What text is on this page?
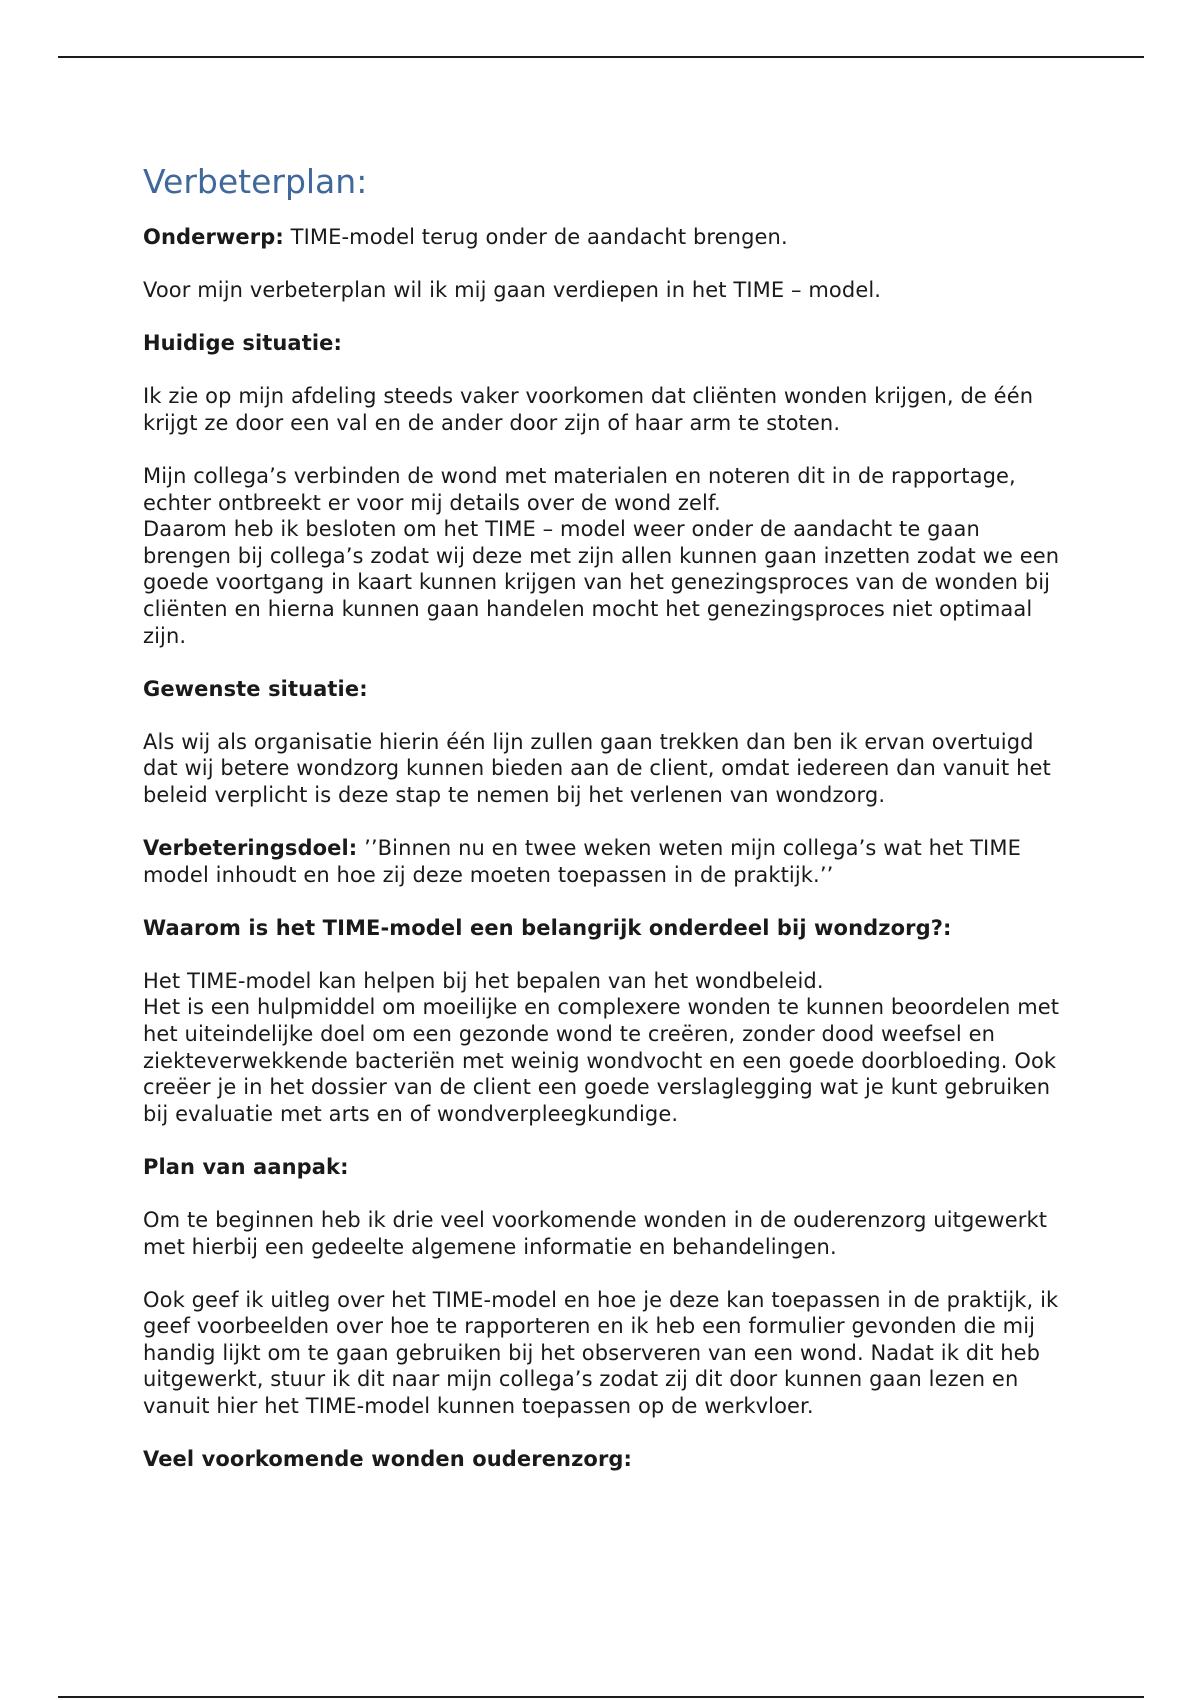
Verbeterplan:

Onderwerp: TIME-model terug onder de aandacht brengen.

Voor mijn verbeterplan wil ik mij gaan verdiepen in het TIME – model.

Huidige situatie:

Ik zie op mijn afdeling steeds vaker voorkomen dat cliënten wonden krijgen, de één krijgt ze door een val en de ander door zijn of haar arm te stoten.

Mijn collega’s verbinden de wond met materialen en noteren dit in de rapportage, echter ontbreekt er voor mij details over de wond zelf.

Daarom heb ik besloten om het TIME – model weer onder de aandacht te gaan brengen bij collega’s zodat wij deze met zijn allen kunnen gaan inzetten zodat we een goede voortgang in kaart kunnen krijgen van het genezingsproces van de wonden bij cliënten en hierna kunnen gaan handelen mocht het genezingsproces niet optimaal zijn.

Gewenste situatie:

Als wij als organisatie hierin één lijn zullen gaan trekken dan ben ik ervan overtuigd dat wij betere wondzorg kunnen bieden aan de client, omdat iedereen dan vanuit het beleid verplicht is deze stap te nemen bij het verlenen van wondzorg.

Verbeteringsdoel: ’’Binnen nu en twee weken weten mijn collega’s wat het TIME model inhoudt en hoe zij deze moeten toepassen in de praktijk.’’

Waarom is het TIME-model een belangrijk onderdeel bij wondzorg?:

Het TIME-model kan helpen bij het bepalen van het wondbeleid.

Het is een hulpmiddel om moeilijke en complexere wonden te kunnen beoordelen met het uiteindelijke doel om een gezonde wond te creëren, zonder dood weefsel en ziekteverwekkende bacteriën met weinig wondvocht en een goede doorbloeding. Ook creëer je in het dossier van de client een goede verslaglegging wat je kunt gebruiken bij evaluatie met arts en of wondverpleegkundige.

Plan van aanpak:

Om te beginnen heb ik drie veel voorkomende wonden in de ouderenzorg uitgewerkt met hierbij een gedeelte algemene informatie en behandelingen.

Ook geef ik uitleg over het TIME-model en hoe je deze kan toepassen in de praktijk, ik geef voorbeelden over hoe te rapporteren en ik heb een formulier gevonden die mij handig lijkt om te gaan gebruiken bij het observeren van een wond. Nadat ik dit heb uitgewerkt, stuur ik dit naar mijn collega’s zodat zij dit door kunnen gaan lezen en vanuit hier het TIME-model kunnen toepassen op de werkvloer.

Veel voorkomende wonden ouderenzorg:
